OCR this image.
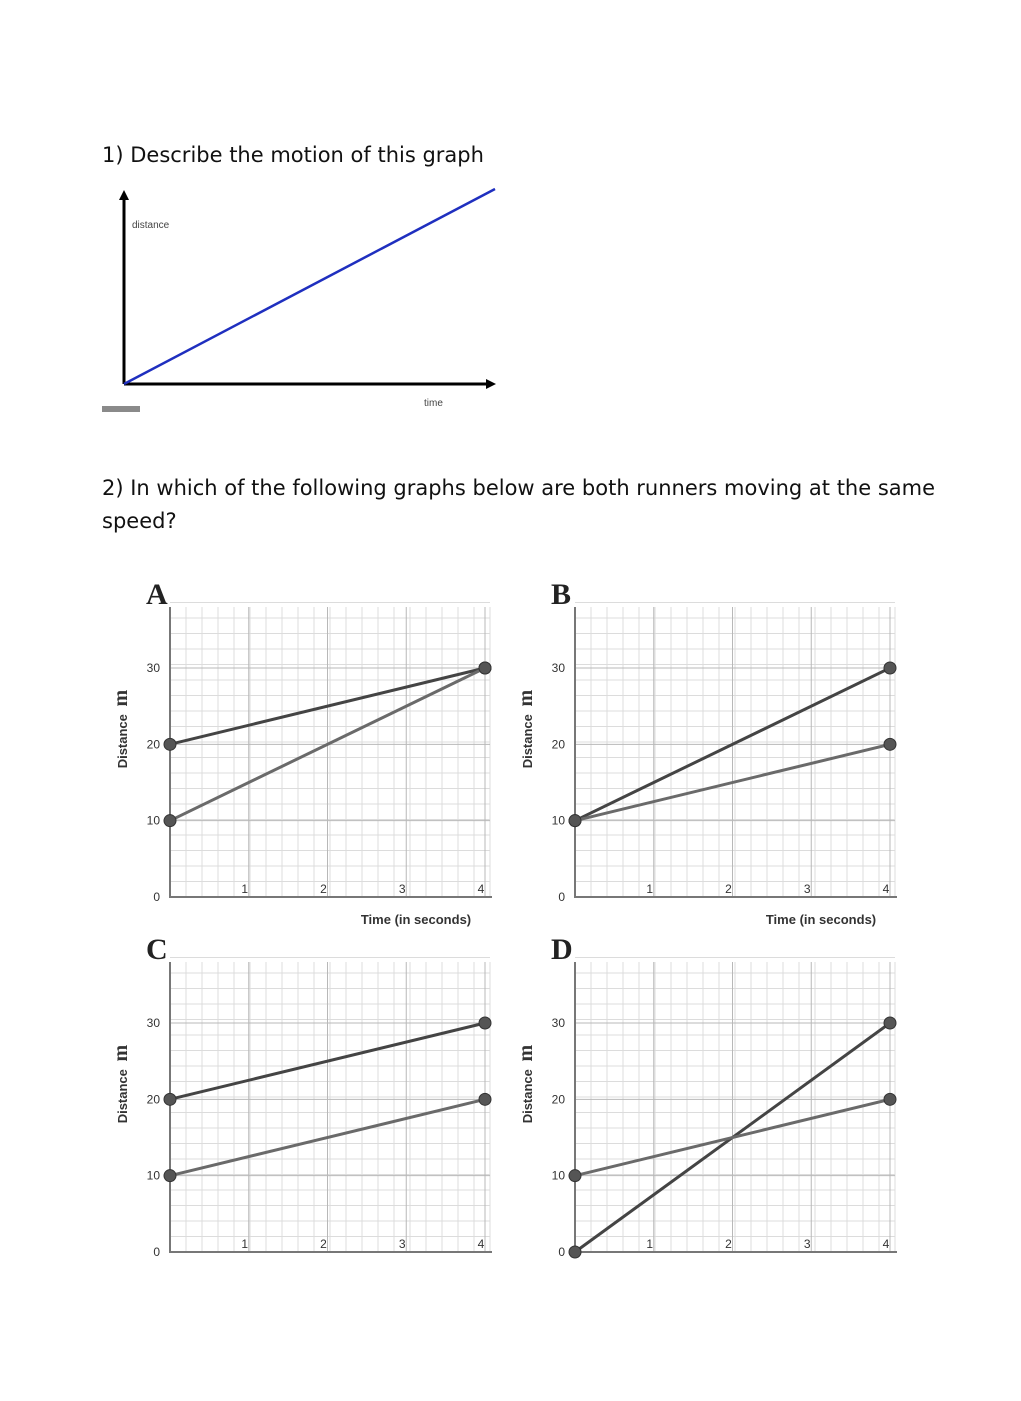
1) Describe the motion of this graph

distance
time

2) In which of the following graphs below are both runners moving at the same speed?

0
10
20
30
1	2	3	4
A
Distance m
Time (in seconds)
0
10
20
30
1	2	3	4
B
Distance m
Time (in seconds)
0
10
20
30
1	2	3	4
C
Distance m
0
10
20
30
1	2	3	4
D
Distance m
